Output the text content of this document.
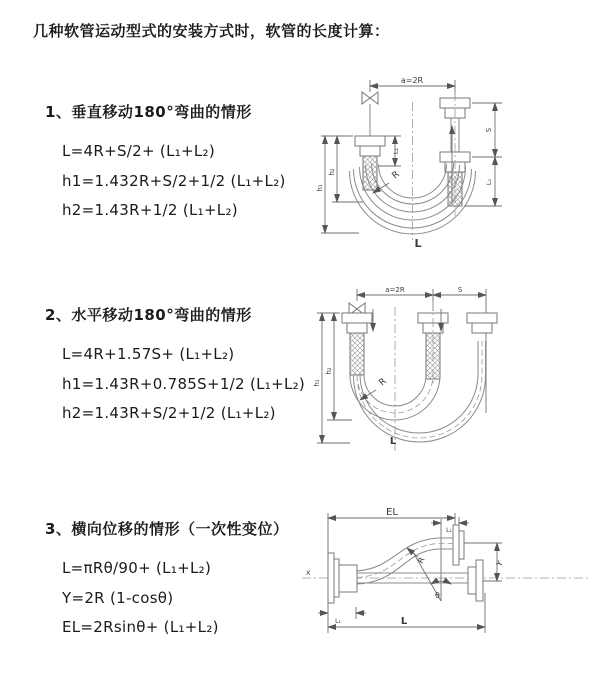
几种软管运动型式的安装方式时，软管的长度计算：
1、垂直移动180°弯曲的情形
L=4R+S/2+ (L₁+L₂)
h1=1.432R+S/2+1/2 (L₁+L₂)
h2=1.43R+1/2 (L₁+L₂)
2、水平移动180°弯曲的情形
L=4R+1.57S+ (L₁+L₂)
h1=1.43R+0.785S+1/2 (L₁+L₂)
h2=1.43R+S/2+1/2 (L₁+L₂)
3、横向位移的情形（一次性变位）
L=πRθ/90+ (L₁+L₂)
Y=2R (1-cosθ)
EL=2Rsinθ+ (L₁+L₂)
a=2R
L₁
S
L₂
h₁
h₂	R
L
a=2R	S
R
L
h₁
h₂
X
EL
L₁
L₁	L
Y
θ
R
